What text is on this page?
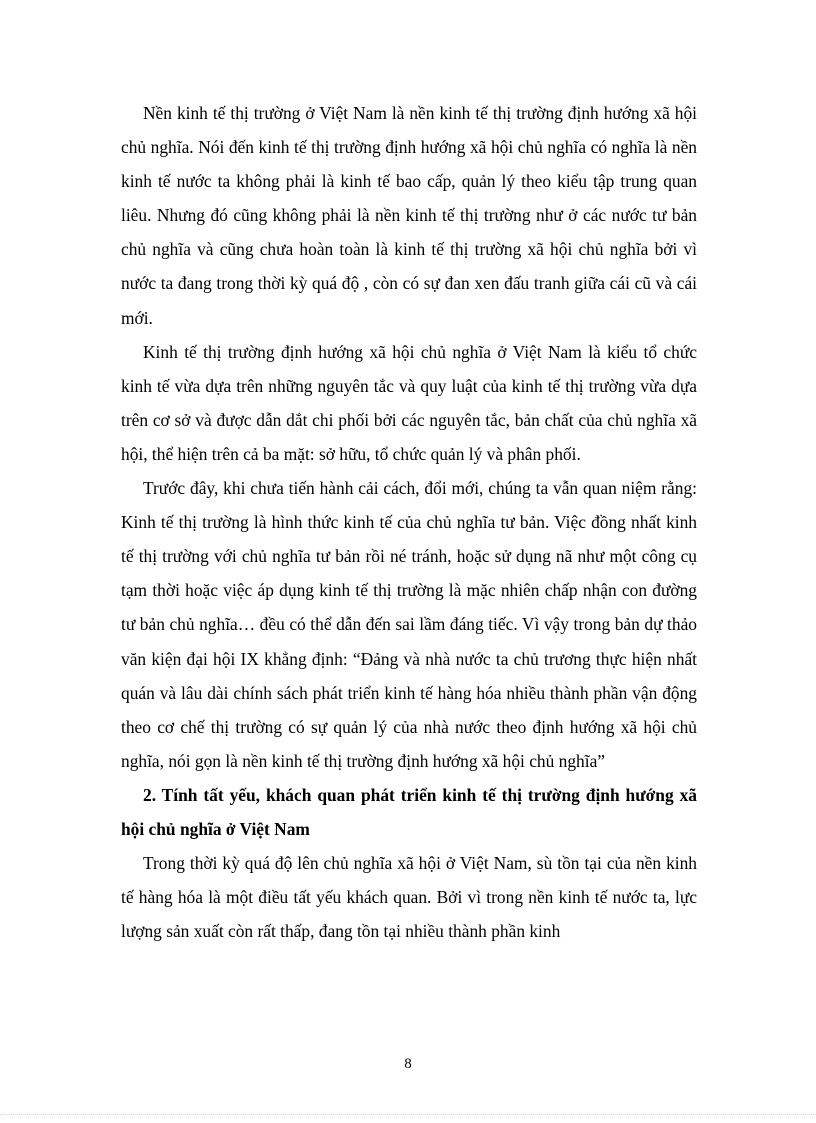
Nền kinh tế thị trường ở Việt Nam là nền kinh tế thị trường định hướng xã hội chủ nghĩa. Nói đến kinh tế thị trường định hướng xã hội chủ nghĩa có nghĩa là nền kinh tế nước ta không phải là kinh tế bao cấp, quản lý theo kiểu tập trung quan liêu. Nhưng đó cũng không phải là nền kinh tế thị trường như ở các nước tư bản chủ nghĩa và cũng chưa hoàn toàn là kinh tế thị trường xã hội chủ nghĩa bởi vì nước ta đang trong thời kỳ quá độ , còn có sự đan xen đấu tranh giữa cái cũ và cái mới.

Kinh tế thị trường định hướng xã hội chủ nghĩa ở Việt Nam là kiểu tổ chức kinh tế vừa dựa trên những nguyên tắc và quy luật của kinh tế thị trường vừa dựa trên cơ sở và được dẫn dắt chi phối bởi các nguyên tắc, bản chất của chủ nghĩa xã hội, thể hiện trên cả ba mặt: sở hữu, tổ chức quản lý và phân phối.

Trước đây, khi chưa tiến hành cải cách, đổi mới, chúng ta vẫn quan niệm rằng: Kinh tế thị trường là hình thức kinh tế của chủ nghĩa tư bản. Việc đồng nhất kinh tế thị trường với chủ nghĩa tư bản rồi né tránh, hoặc sử dụng nã như một công cụ tạm thời hoặc việc áp dụng kinh tế thị trường là mặc nhiên chấp nhận con đường tư bản chủ nghĩa… đều có thể dẫn đến sai lầm đáng tiếc. Vì vậy trong bản dự thảo văn kiện đại hội IX khẳng định: “Đảng và nhà nước ta chủ trương thực hiện nhất quán và lâu dài chính sách phát triển kinh tế hàng hóa nhiều thành phần vận động theo cơ chế thị trường có sự quản lý của nhà nước theo định hướng xã hội chủ nghĩa, nói gọn là nền kinh tế thị trường định hướng xã hội chủ nghĩa”

2. Tính tất yếu, khách quan phát triển kinh tế thị trường định hướng xã hội chủ nghĩa ở Việt Nam

Trong thời kỳ quá độ lên chủ nghĩa xã hội ở Việt Nam, sù tồn tại của nền kinh tế hàng hóa là một điều tất yếu khách quan. Bởi vì trong nền kinh tế nước ta, lực lượng sản xuất còn rất thấp, đang tồn tại nhiều thành phần kinh

8
